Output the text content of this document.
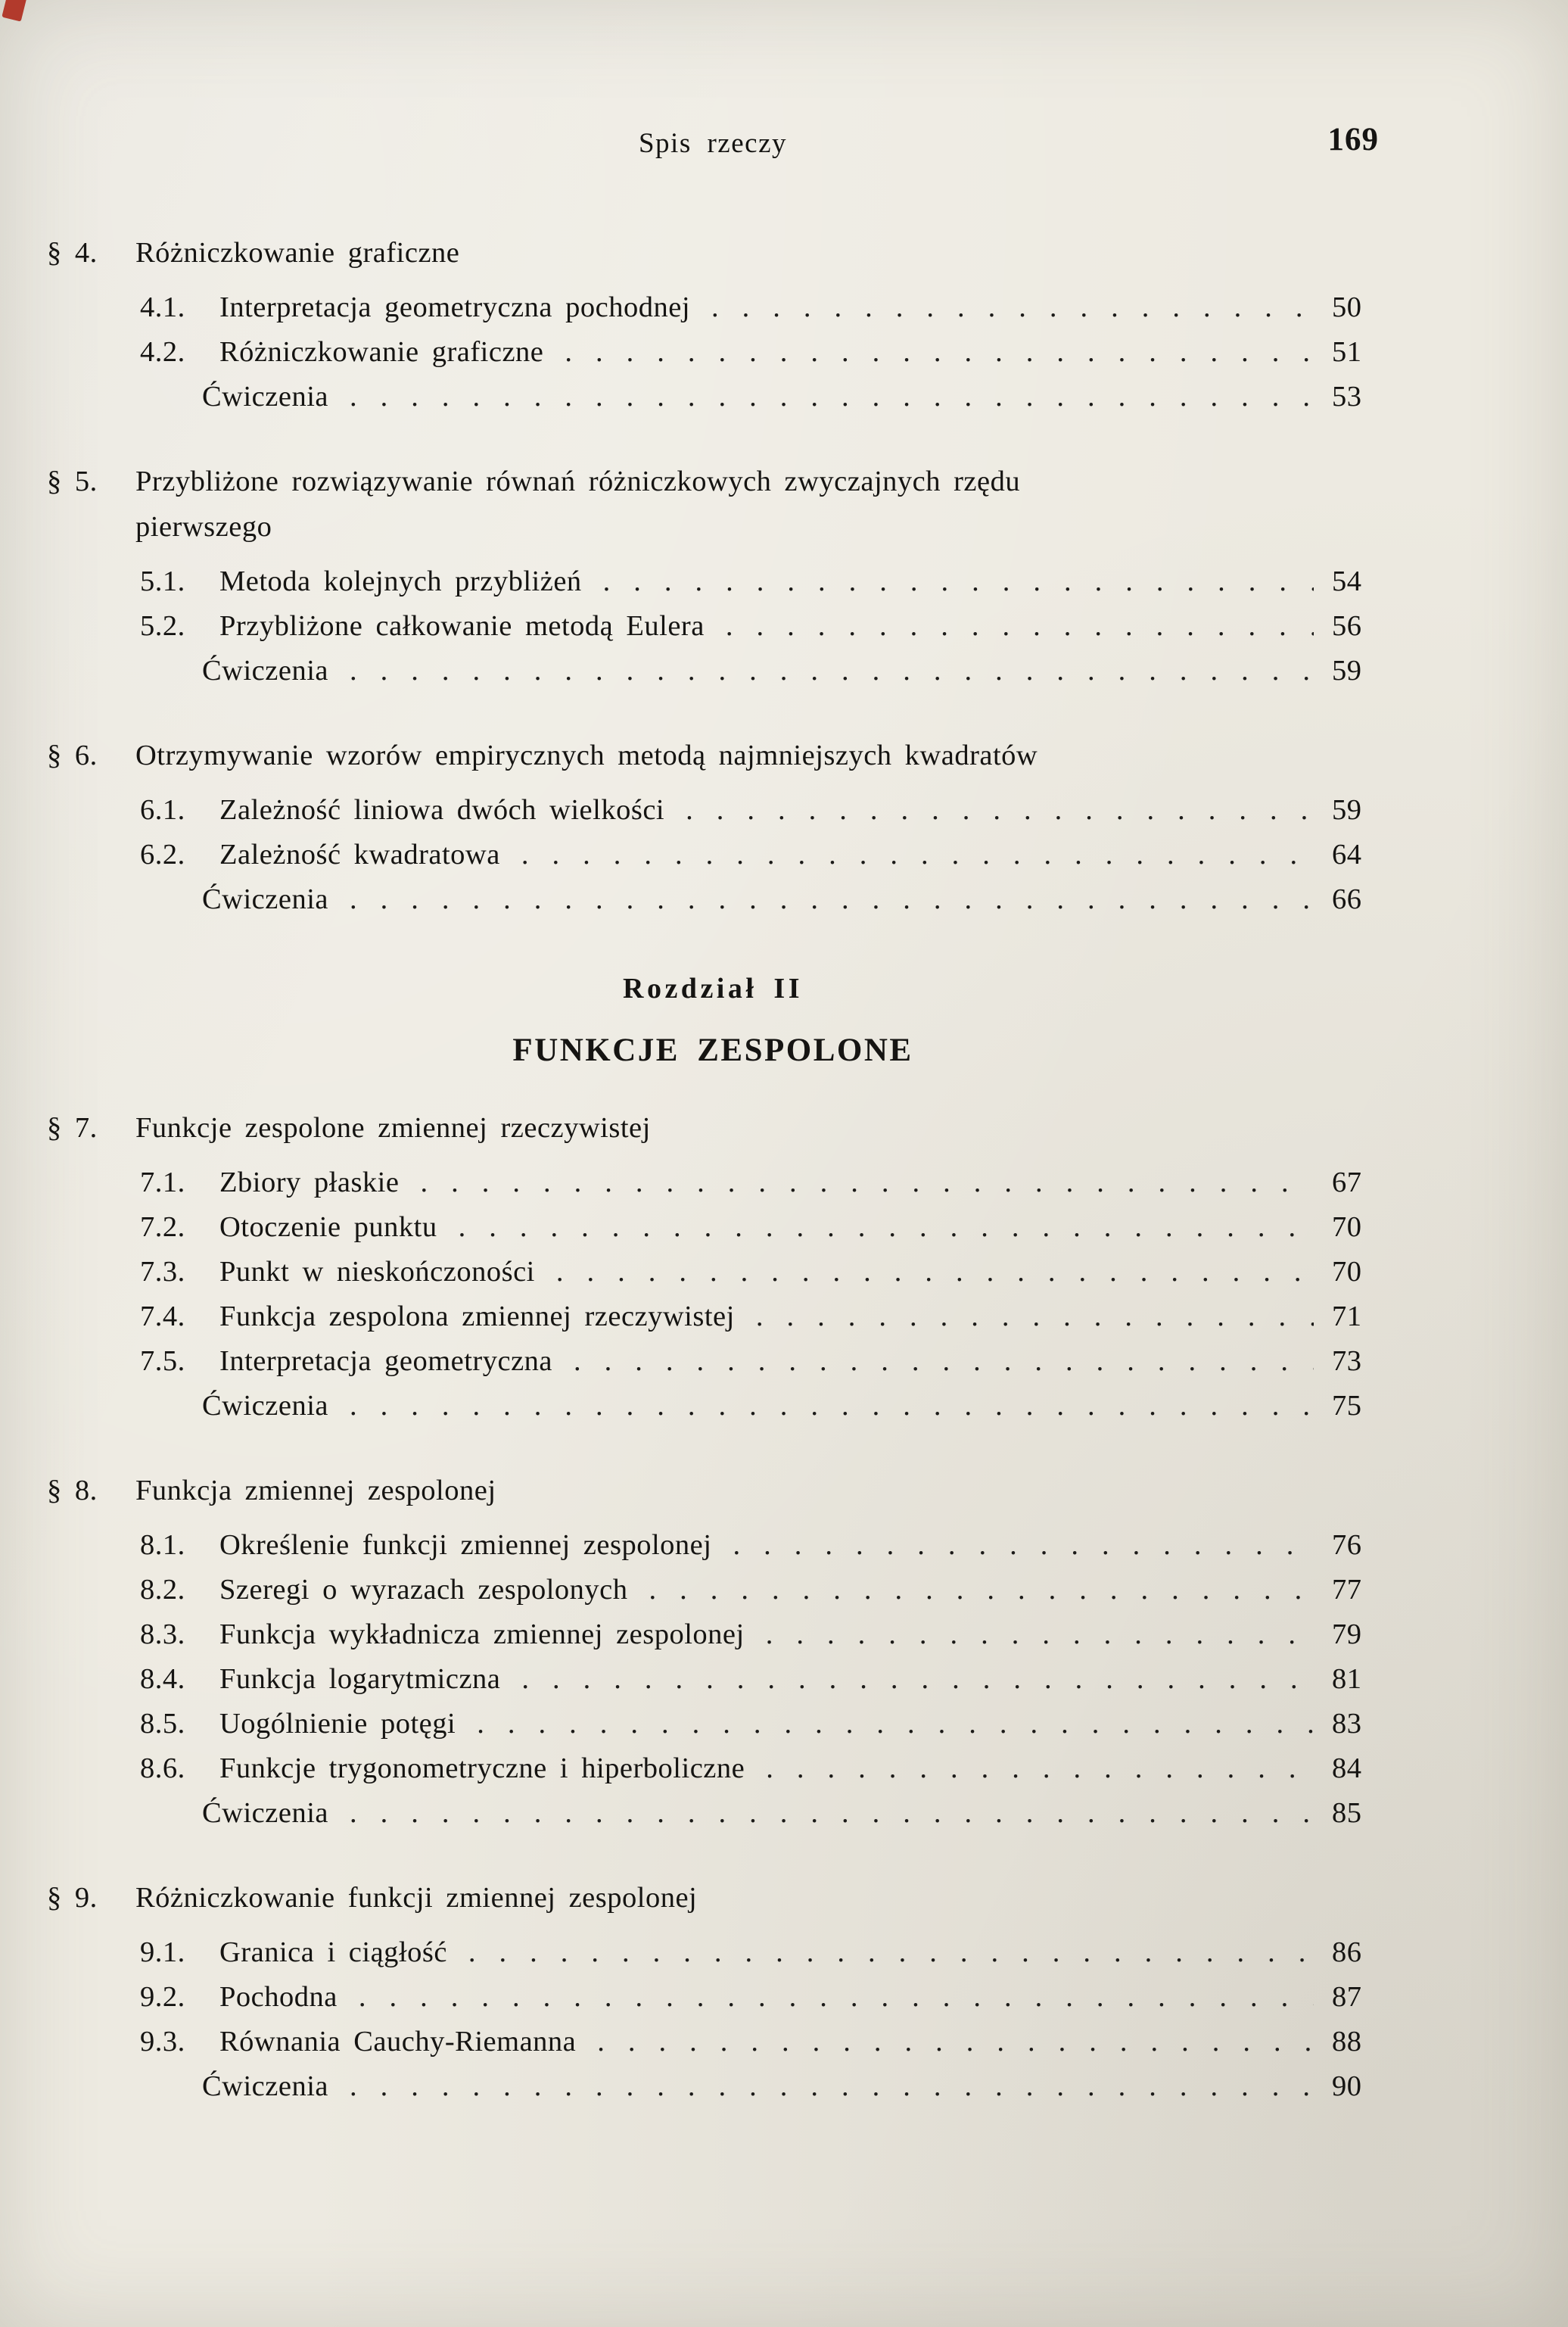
Spis rzeczy	169
§ 4.	Różniczkowanie graficzne
4.1.	Interpretacja geometryczna pochodnej .....	50
4.2.	Różniczkowanie graficzne .....	51
Ćwiczenia .....	53
§ 5.	Przybliżone rozwiązywanie równań różniczkowych zwyczajnych rzędu
pierwszego
5.1.	Metoda kolejnych przybliżeń .....	54
5.2.	Przybliżone całkowanie metodą Eulera .....	56
Ćwiczenia .....	59
§ 6.	Otrzymywanie wzorów empirycznych metodą najmniejszych kwadratów
6.1.	Zależność liniowa dwóch wielkości .....	59
6.2.	Zależność kwadratowa .....	64
Ćwiczenia .....	66
Rozdział II
FUNKCJE ZESPOLONE
§ 7.	Funkcje zespolone zmiennej rzeczywistej
7.1.	Zbiory płaskie .....	67
7.2.	Otoczenie punktu .....	70
7.3.	Punkt w nieskończoności .....	70
7.4.	Funkcja zespolona zmiennej rzeczywistej .....	71
7.5.	Interpretacja geometryczna .....	73
Ćwiczenia .....	75
§ 8.	Funkcja zmiennej zespolonej
8.1.	Określenie funkcji zmiennej zespolonej .....	76
8.2.	Szeregi o wyrazach zespolonych .....	77
8.3.	Funkcja wykładnicza zmiennej zespolonej .....	79
8.4.	Funkcja logarytmiczna .....	81
8.5.	Uogólnienie potęgi .....	83
8.6.	Funkcje trygonometryczne i hiperboliczne .....	84
Ćwiczenia .....	85
§ 9.	Różniczkowanie funkcji zmiennej zespolonej
9.1.	Granica i ciągłość .....	86
9.2.	Pochodna .....	87
9.3.	Równania Cauchy-Riemanna .....	88
Ćwiczenia .....	90
